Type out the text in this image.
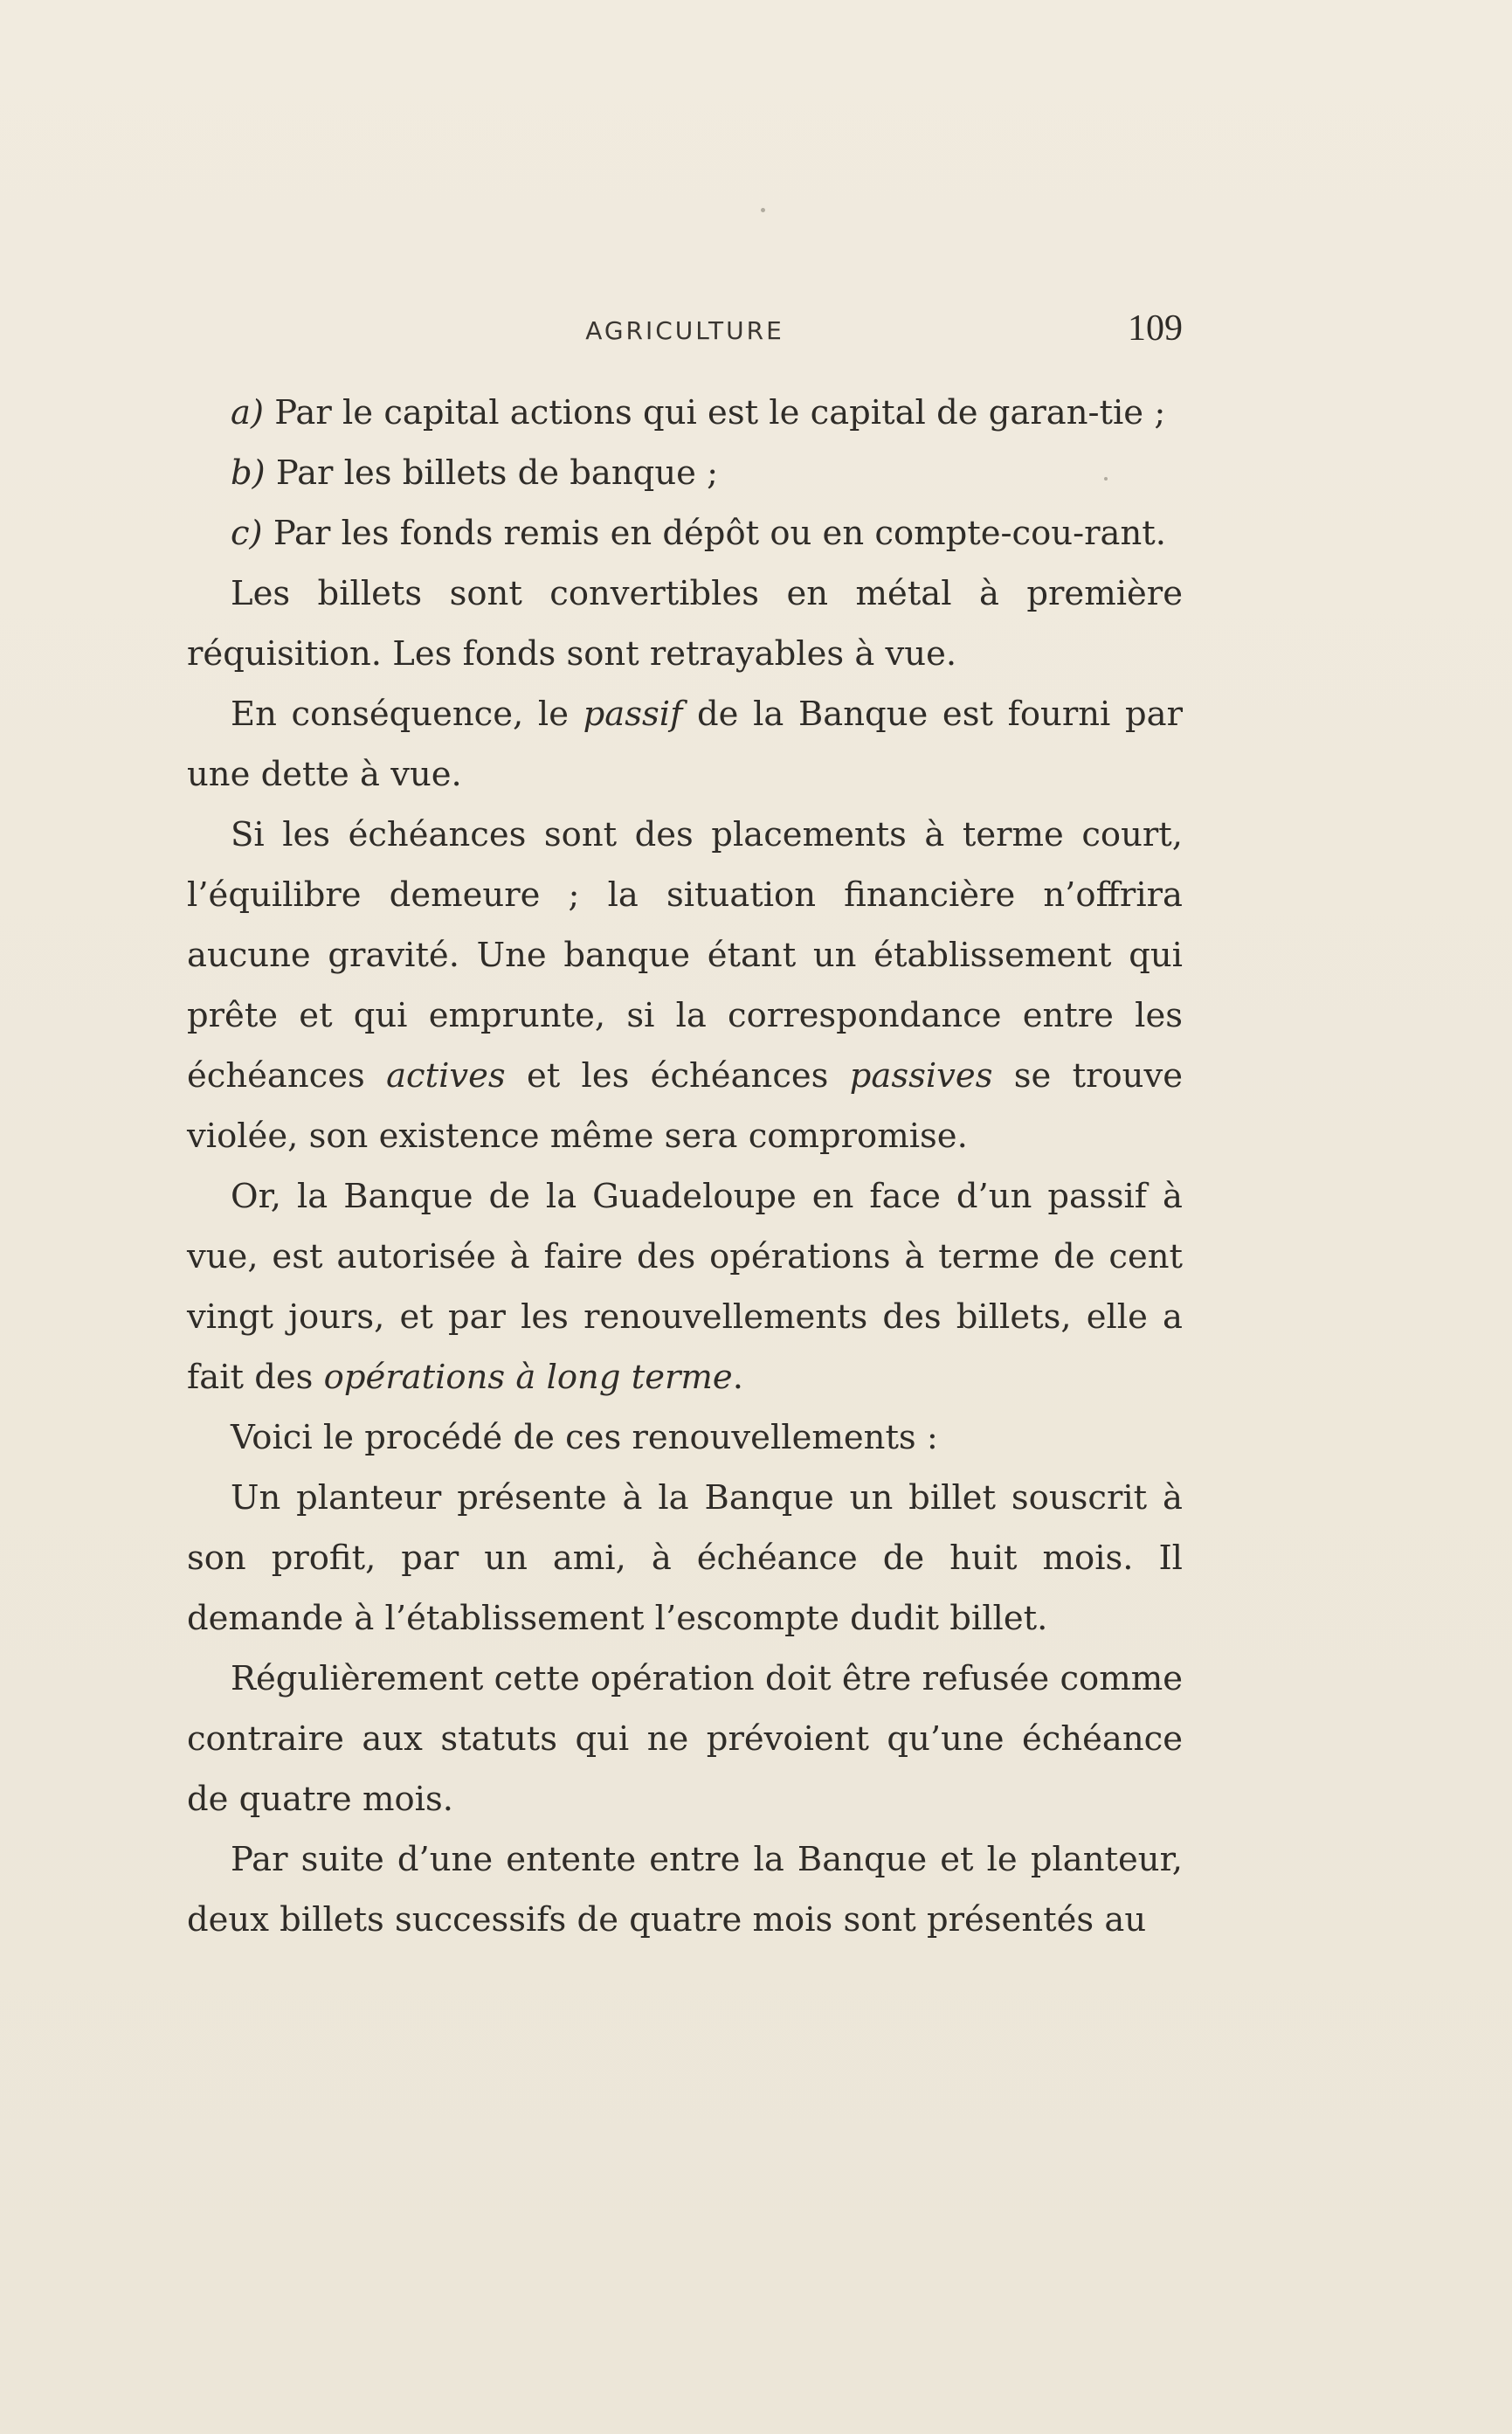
AGRICULTURE	109

a) Par le capital actions qui est le capital de garan-tie ;

b) Par les billets de banque ;

c) Par les fonds remis en dépôt ou en compte-cou-rant.

Les billets sont convertibles en métal à première réquisition. Les fonds sont retrayables à vue.

En conséquence, le passif de la Banque est fourni par une dette à vue.

Si les échéances sont des placements à terme court, l’équilibre demeure ; la situation financière n’offrira aucune gravité. Une banque étant un établissement qui prête et qui emprunte, si la correspondance entre les échéances actives et les échéances passives se trouve violée, son existence même sera compromise.

Or, la Banque de la Guadeloupe en face d’un passif à vue, est autorisée à faire des opérations à terme de cent vingt jours, et par les renouvellements des billets, elle a fait des opérations à long terme.

Voici le procédé de ces renouvellements :

Un planteur présente à la Banque un billet souscrit à son profit, par un ami, à échéance de huit mois. Il demande à l’établissement l’escompte dudit billet.

Régulièrement cette opération doit être refusée comme contraire aux statuts qui ne prévoient qu’une échéance de quatre mois.

Par suite d’une entente entre la Banque et le planteur, deux billets successifs de quatre mois sont présentés au
